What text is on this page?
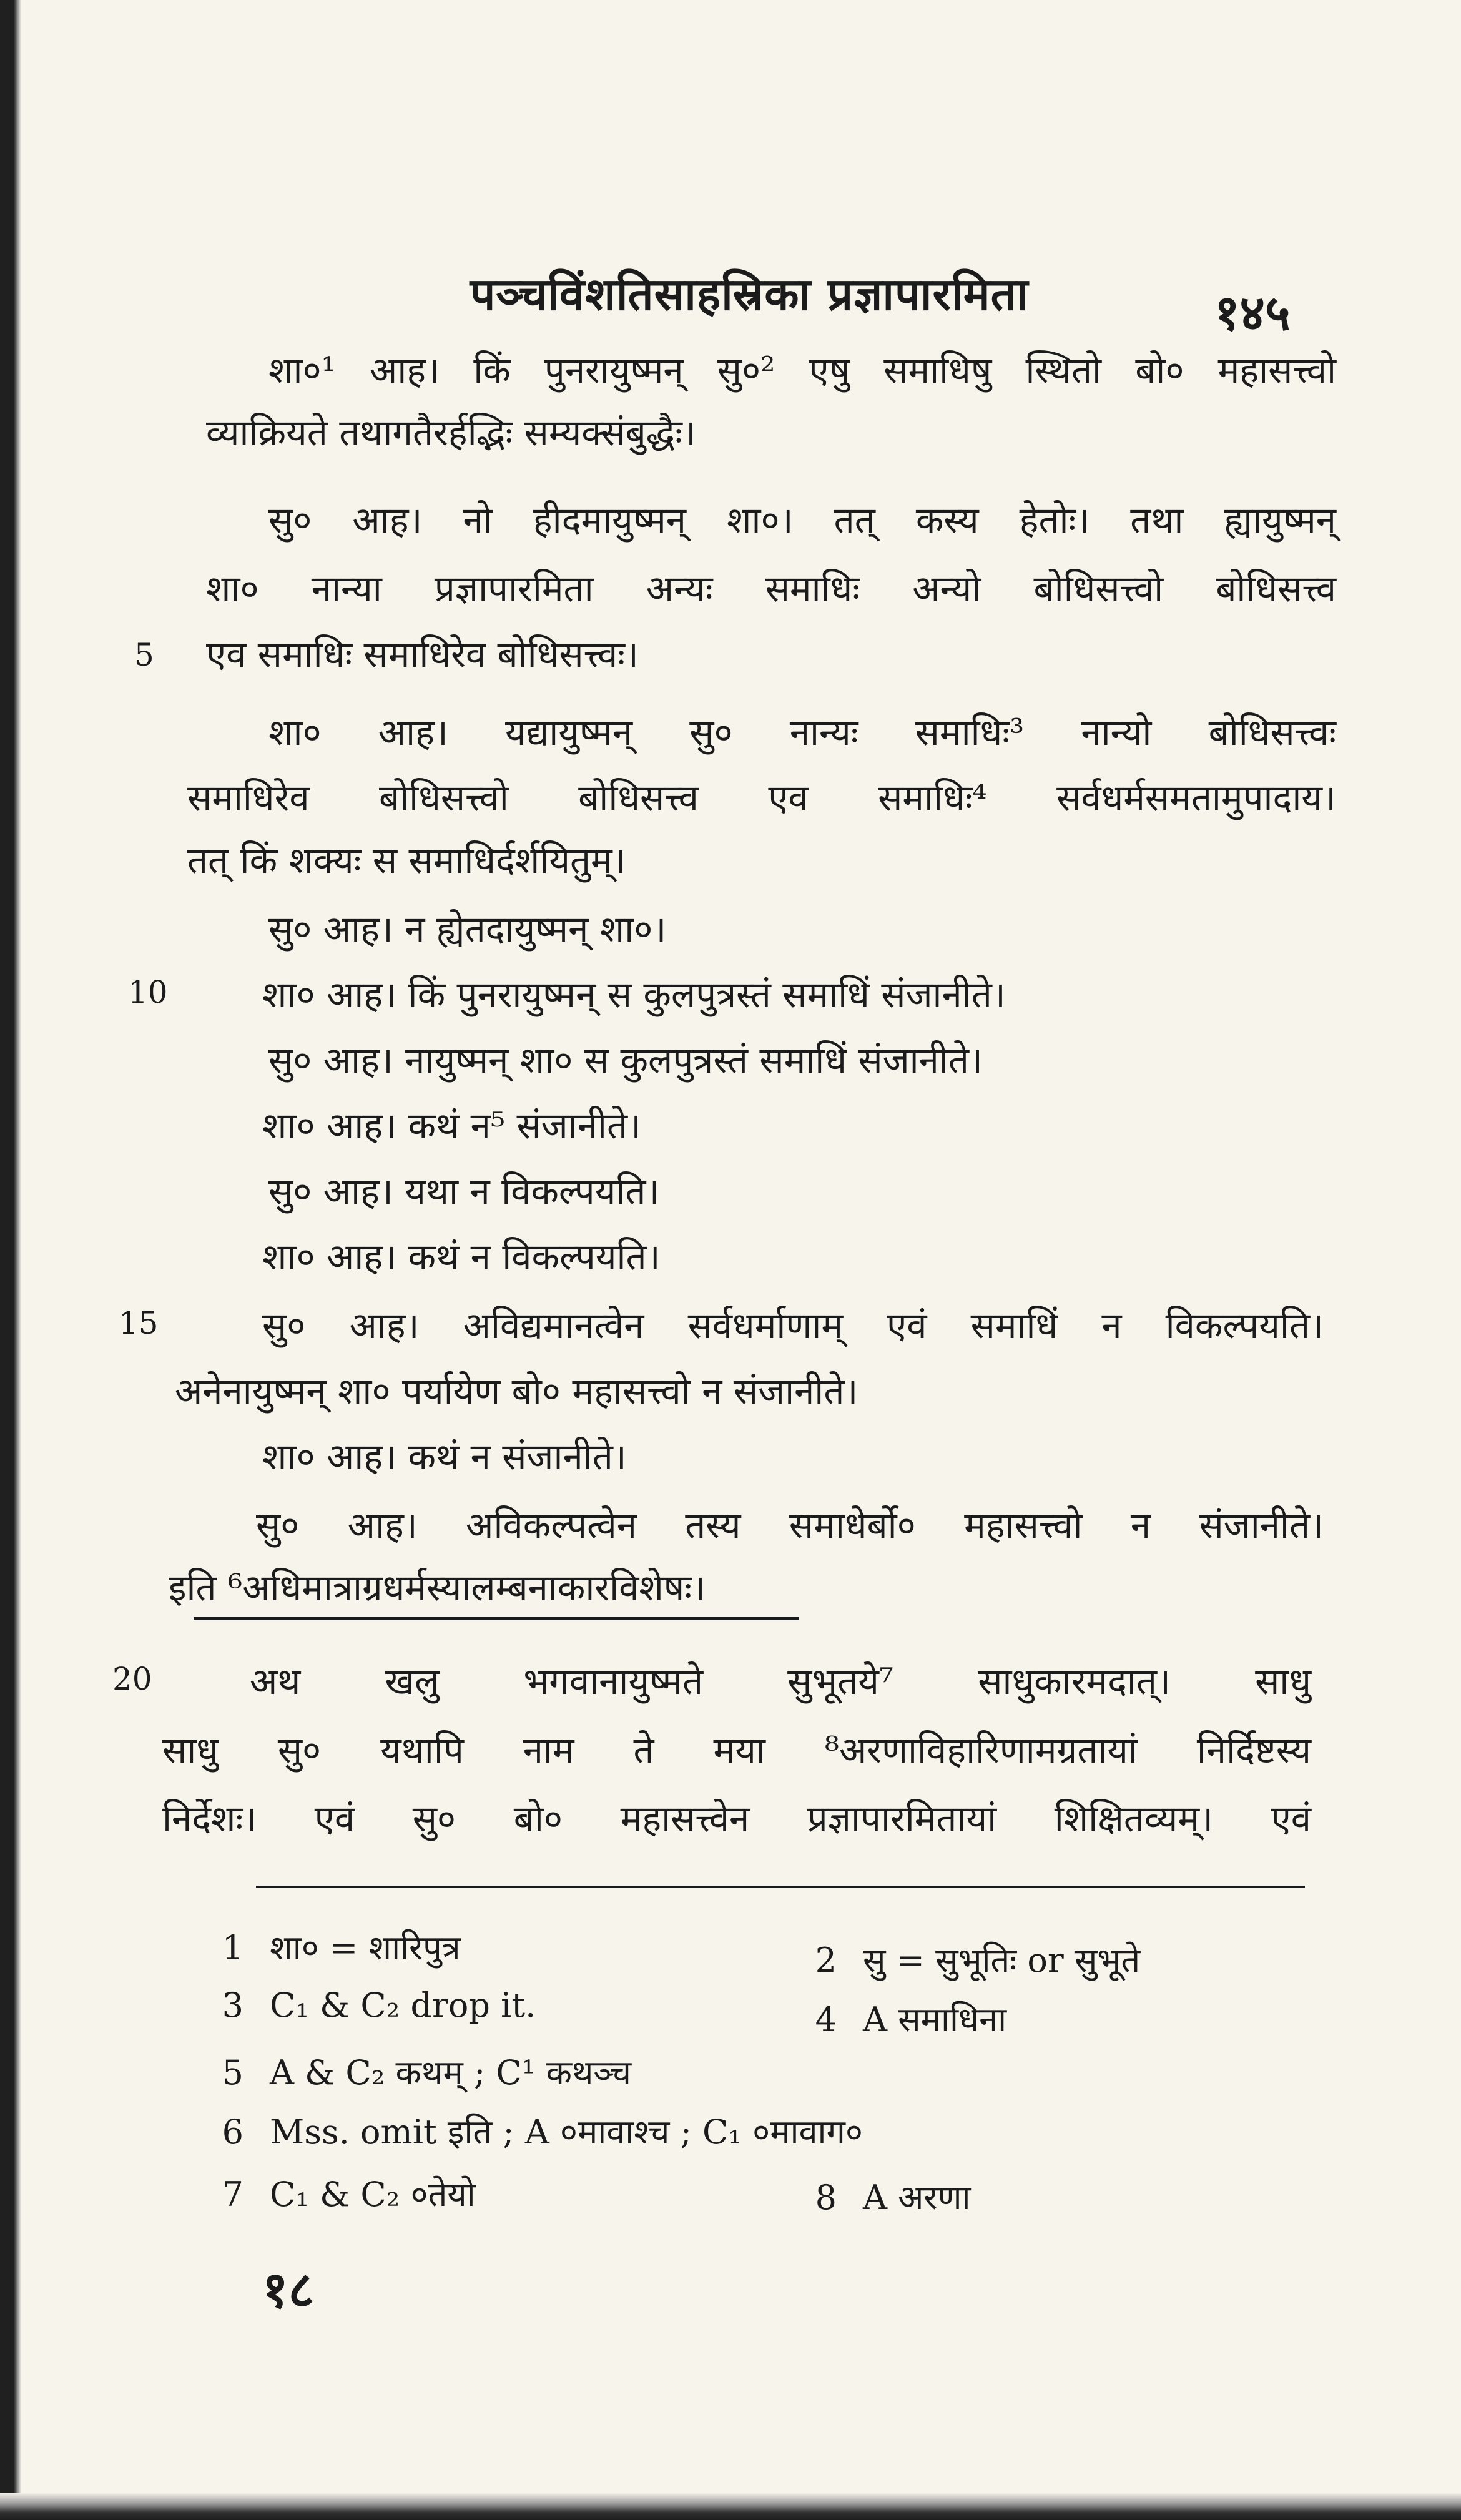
पञ्चविंशतिसाहस्रिका प्रज्ञापारमिता	१४५
शा०¹ आह। किं पुनरायुष्मन् सु०² एषु समाधिषु स्थितो बो० महासत्त्वो
व्याक्रियते तथागतैरर्हद्भिः सम्यक्संबुद्धैः।
सु० आह। नो हीदमायुष्मन् शा०। तत् कस्य हेतोः। तथा ह्यायुष्मन्
शा० नान्या प्रज्ञापारमिता अन्यः समाधिः अन्यो बोधिसत्त्वो बोधिसत्त्व
एव समाधिः समाधिरेव बोधिसत्त्वः।
शा० आह। यद्यायुष्मन् सु० नान्यः समाधिः³ नान्यो बोधिसत्त्वः
समाधिरेव बोधिसत्त्वो बोधिसत्त्व एव समाधिः⁴ सर्वधर्मसमतामुपादाय।
तत् किं शक्यः स समाधिर्दर्शयितुम्।
सु० आह। न ह्येतदायुष्मन् शा०।
शा० आह। किं पुनरायुष्मन् स कुलपुत्रस्तं समाधिं संजानीते।
सु० आह। नायुष्मन् शा० स कुलपुत्रस्तं समाधिं संजानीते।
शा० आह। कथं न⁵ संजानीते।
सु० आह। यथा न विकल्पयति।
शा० आह। कथं न विकल्पयति।
सु० आह। अविद्यमानत्वेन सर्वधर्माणाम् एवं समाधिं न विकल्पयति।
अनेनायुष्मन् शा० पर्यायेण बो० महासत्त्वो न संजानीते।
शा० आह। कथं न संजानीते।
सु० आह। अविकल्पत्वेन तस्य समाधेर्बो० महासत्त्वो न संजानीते।
इति ⁶अधिमात्राग्रधर्मस्यालम्बनाकारविशेषः।
अथ खलु भगवानायुष्मते सुभूतये⁷ साधुकारमदात्। साधु
साधु सु० यथापि नाम ते मया ⁸अरणाविहारिणामग्रतायां निर्दिष्टस्य
निर्देशः। एवं सु० बो० महासत्त्वेन प्रज्ञापारमितायां शिक्षितव्यम्। एवं
5
10
15
20
1 शा० = शारिपुत्र	2 सु = सुभूतिः or सुभूते
3 C₁ & C₂ drop it.	4 A समाधिना
5 A & C₂ कथम् ; C¹ कथञ्च
6 Mss. omit इति ; A ०मावाश्च ; C₁ ०मावाग०
7 C₁ & C₂ ०तेयो	8 A अरणा
१८
